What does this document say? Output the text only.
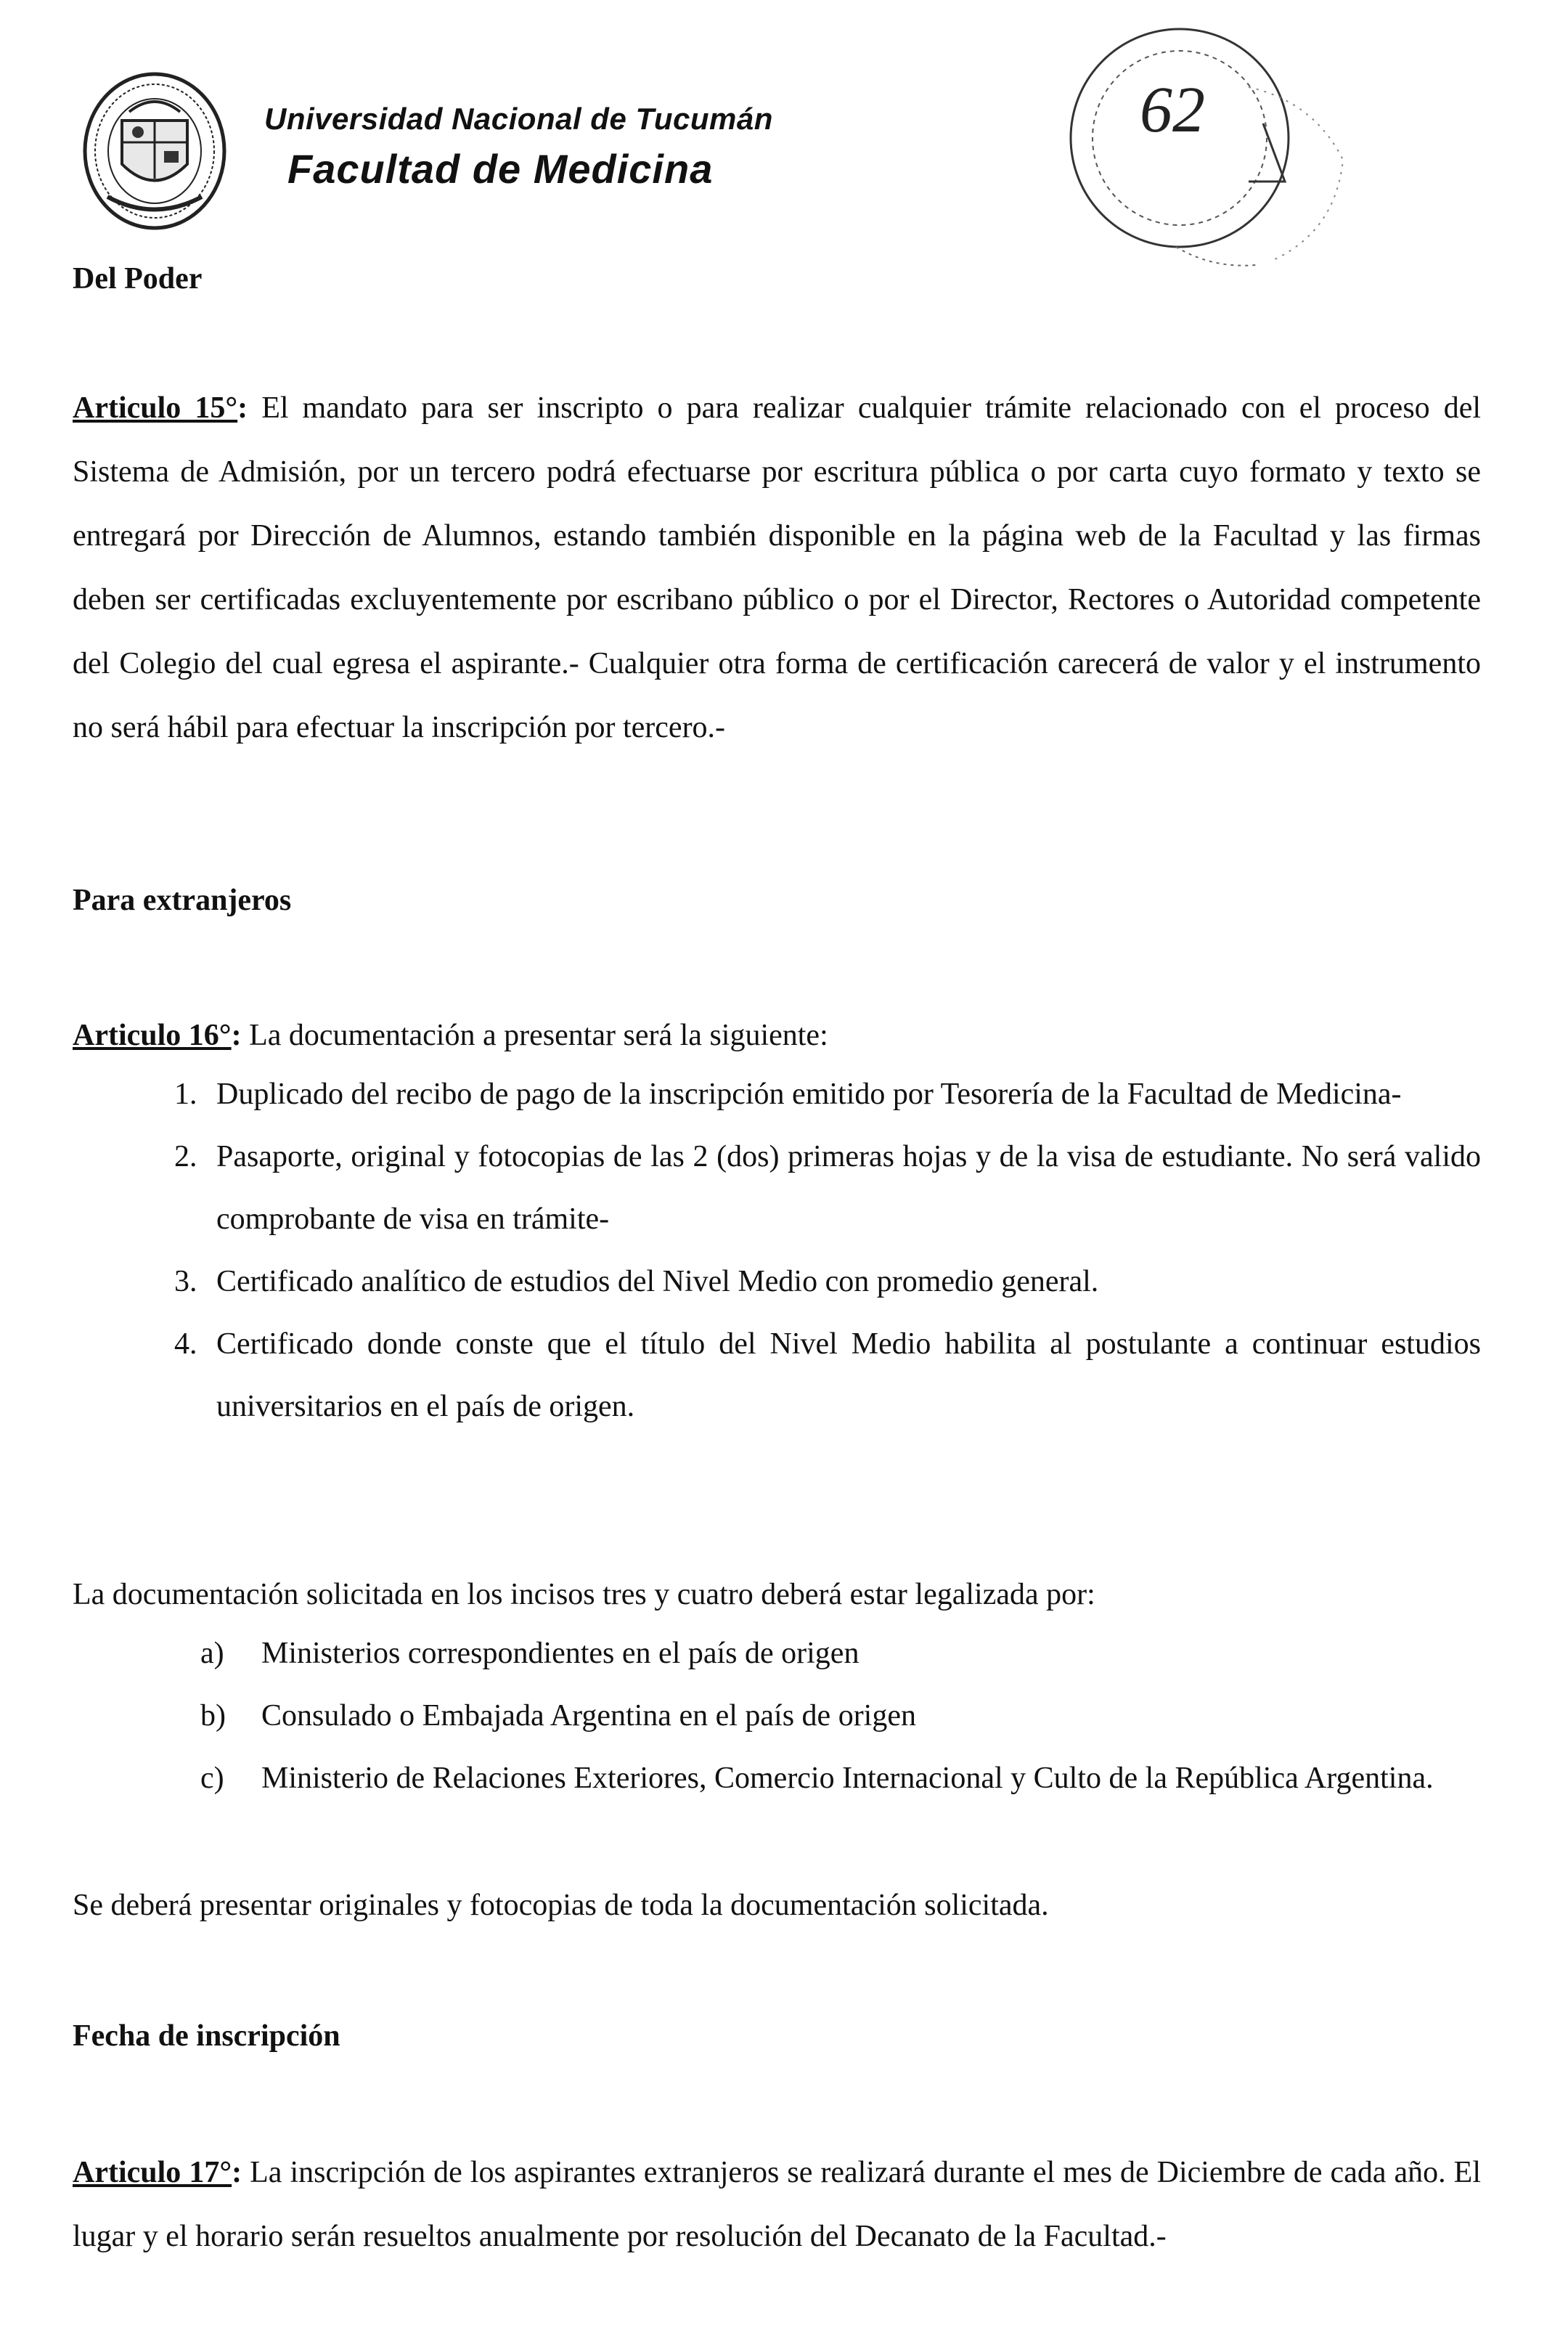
Universidad Nacional de Tucumán
Facultad de Medicina
62
Del Poder
Articulo 15°: El mandato para ser inscripto o para realizar cualquier trámite relacionado con el proceso del Sistema de Admisión, por un tercero podrá efectuarse por escritura pública o por carta cuyo formato y texto se entregará por Dirección de Alumnos, estando también disponible en la página web de la Facultad y las firmas deben ser certificadas excluyentemente por escribano público o por el Director, Rectores o Autoridad competente del Colegio del cual egresa el aspirante.- Cualquier otra forma de certificación carecerá de valor y el instrumento no será hábil para efectuar la inscripción por tercero.-
Para extranjeros
Articulo 16°: La documentación a presentar será la siguiente:
1. Duplicado del recibo de pago de la inscripción emitido por Tesorería de la Facultad de Medicina-
2. Pasaporte, original y fotocopias de las 2 (dos) primeras hojas y de la visa de estudiante. No será valido comprobante de visa en trámite-
3. Certificado analítico de estudios del Nivel Medio con promedio general.
4. Certificado donde conste que el título del Nivel Medio habilita al postulante a continuar estudios universitarios en el país de origen.
La documentación solicitada en los incisos tres y cuatro deberá estar legalizada por:
a)	Ministerios correspondientes en el país de origen
b)	Consulado o Embajada Argentina en el país de origen
c)	Ministerio de Relaciones Exteriores, Comercio Internacional y Culto de la República Argentina.
Se deberá presentar originales y fotocopias de toda la documentación solicitada.
Fecha de inscripción
Articulo 17°: La inscripción de los aspirantes extranjeros se realizará durante el mes de Diciembre de cada año. El lugar y el horario serán resueltos anualmente por resolución del Decanato de la Facultad.-
